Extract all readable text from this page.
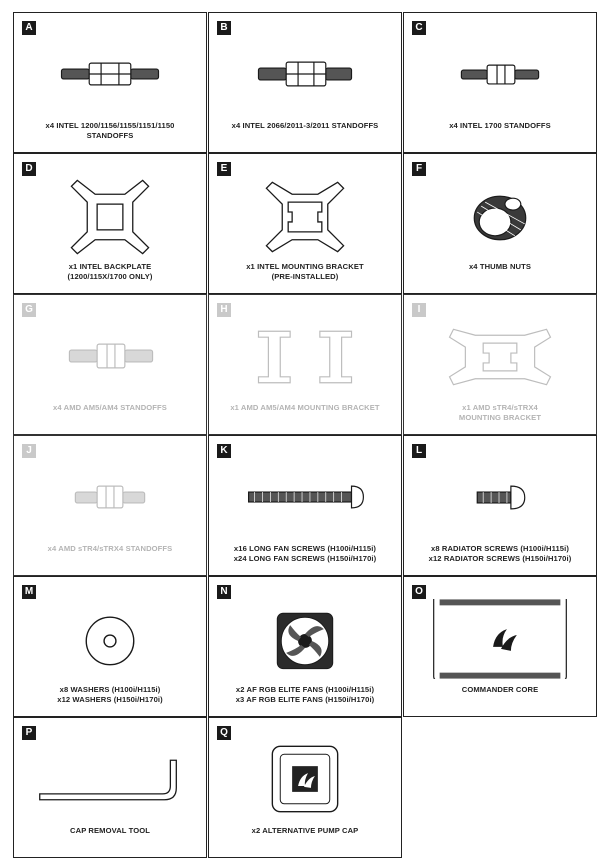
A
x4 INTEL 1200/1156/1155/1151/1150
STANDOFFS
B
x4 INTEL 2066/2011-3/2011 STANDOFFS
C
x4 INTEL 1700 STANDOFFS
D
x1 INTEL BACKPLATE
(1200/115X/1700 ONLY)
E
x1 INTEL MOUNTING BRACKET
(PRE-INSTALLED)
F
x4 THUMB NUTS
G
x4 AMD AM5/AM4 STANDOFFS
H
x1 AMD AM5/AM4 MOUNTING BRACKET
I
x1 AMD sTR4/sTRX4
MOUNTING BRACKET
J
x4 AMD sTR4/sTRX4 STANDOFFS
K
x16 LONG FAN SCREWS (H100i/H115i)
x24 LONG FAN SCREWS (H150i/H170i)
L
x8 RADIATOR SCREWS (H100i/H115i)
x12 RADIATOR SCREWS (H150i/H170i)
M
x8 WASHERS (H100i/H115i)
x12 WASHERS (H150i/H170i)
N
x2 AF RGB ELITE FANS (H100i/H115i)
x3 AF RGB ELITE FANS (H150i/H170i)
O
COMMANDER CORE
P
CAP REMOVAL TOOL
Q
x2 ALTERNATIVE PUMP CAP
